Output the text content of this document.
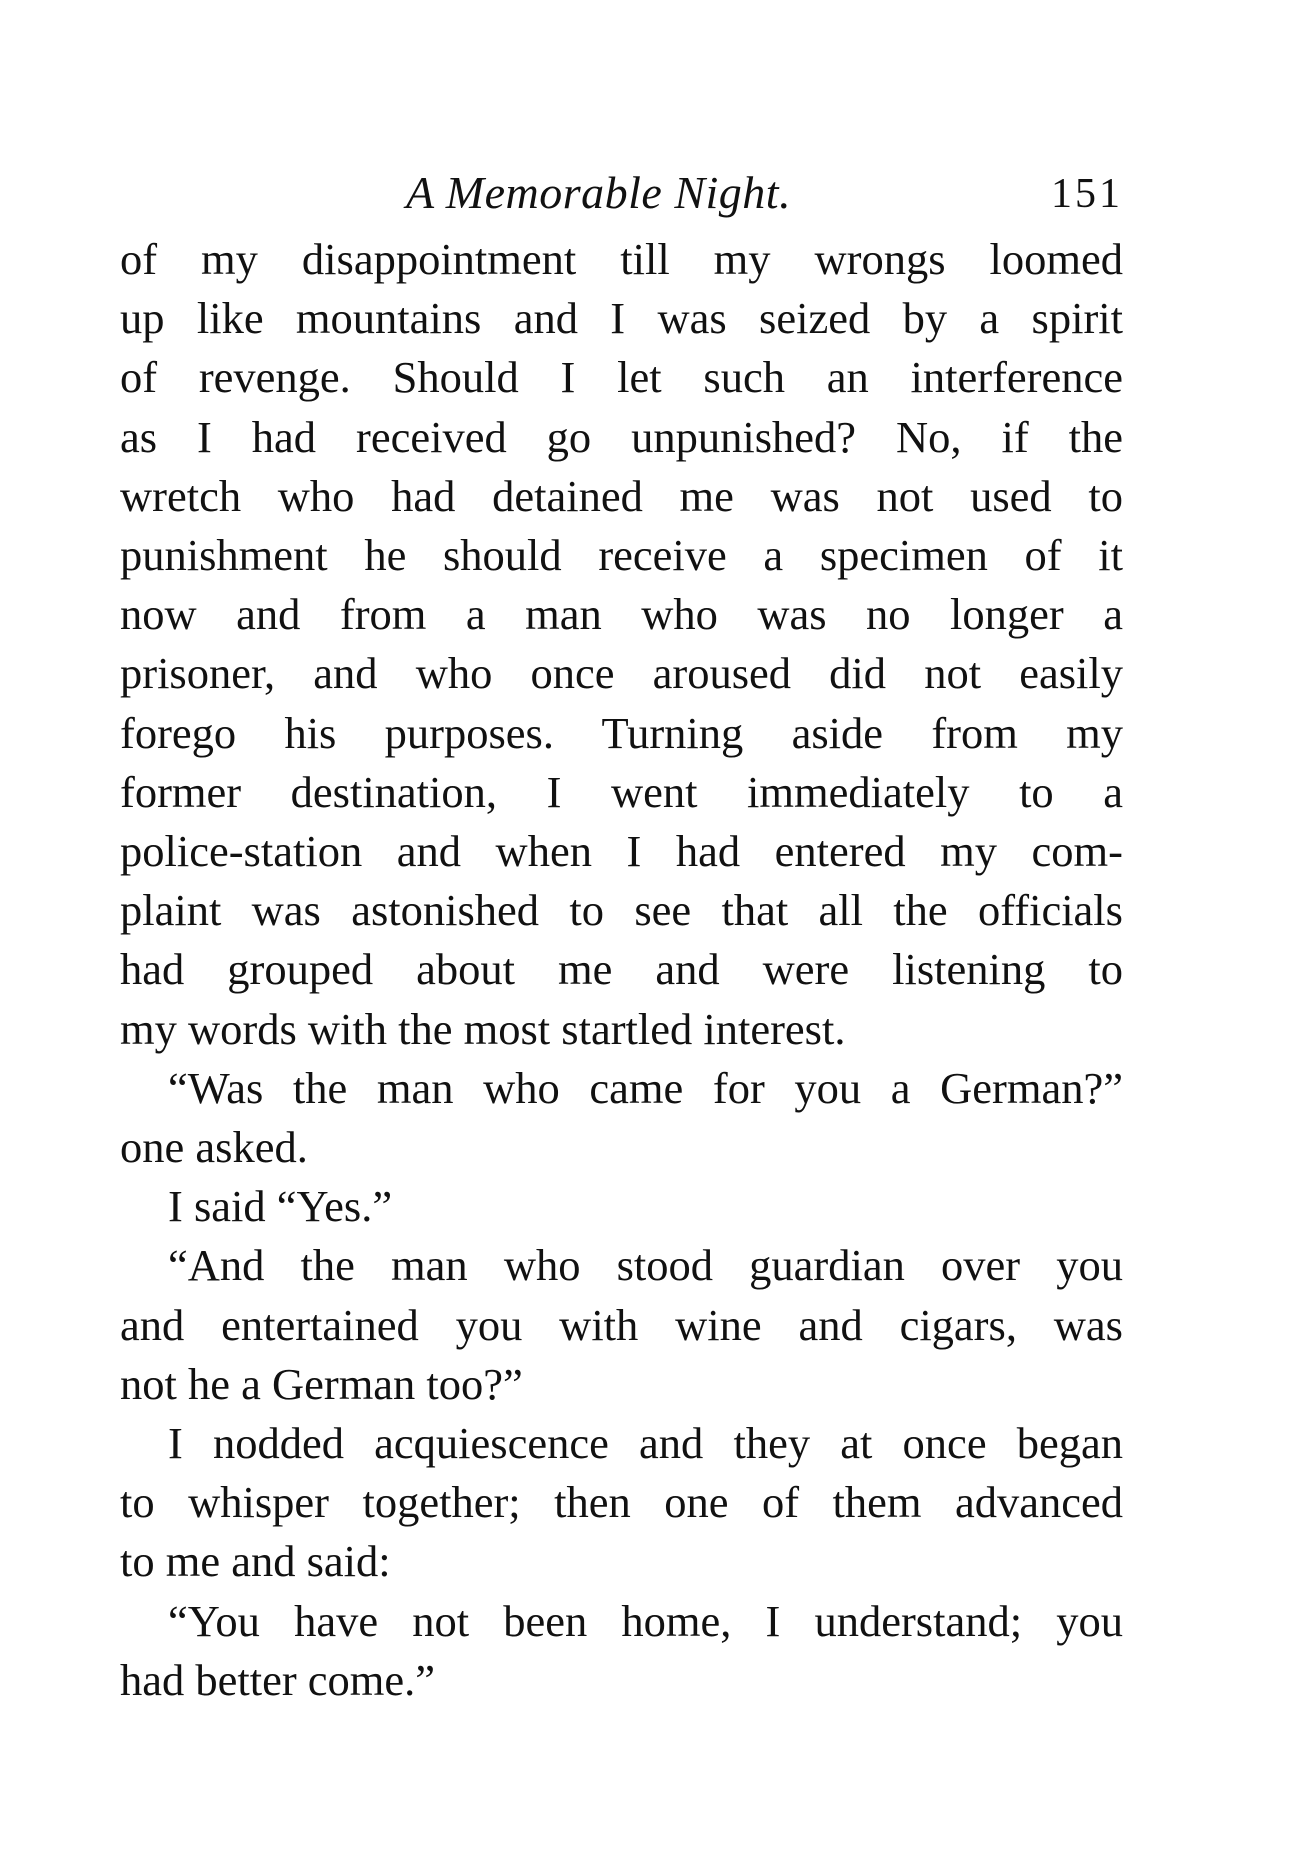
A Memorable Night.	151

of my disappointment till my wrongs loomed

up like mountains and I was seized by a spirit

of revenge. Should I let such an interference

as I had received go unpunished? No, if the

wretch who had detained me was not used to

punishment he should receive a specimen of it

now and from a man who was no longer a

prisoner, and who once aroused did not easily

forego his purposes. Turning aside from my

former destination, I went immediately to a

police-station and when I had entered my com-

plaint was astonished to see that all the officials

had grouped about me and were listening to

my words with the most startled interest.

“Was the man who came for you a German?”

one asked.

I said “Yes.”

“And the man who stood guardian over you

and entertained you with wine and cigars, was

not he a German too?”

I nodded acquiescence and they at once began

to whisper together; then one of them advanced

to me and said:

“You have not been home, I understand; you

had better come.”
